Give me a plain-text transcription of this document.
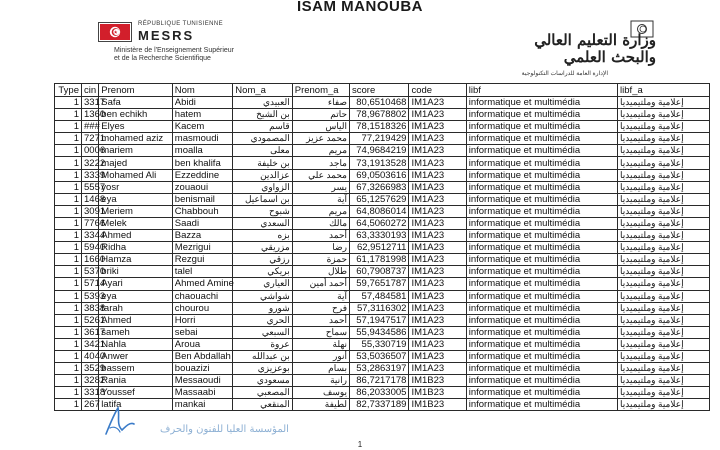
ISAM MANOUBA
RÉPUBLIQUE TUNISIENNE
MESRS
Ministère de l'Enseignement Supérieur
et de la Recherche Scientifique
وزارة التعليم العالي
والبحث العلمي
الإدارة العامة للدراسات التكنولوجية
Type	cin	Prenom	Nom	Nom_a	Prenom_a	score	code	libf	libf_a
1	3317	Safa	Abidi	العبيدي	صفاء	80,6510468	IM1A23	informatique et multimédia	إعلامية وملتيميديا
1	1360	ben echikh	hatem	بن الشيخ	حاتم	78,9678802	IM1A23	informatique et multimédia	إعلامية وملتيميديا
1	###	Elyes	Kacem	قاسم	الياس	78,1518326	IM1A23	informatique et multimédia	إعلامية وملتيميديا
1	7271	mohamed aziz	masmoudi	المصمودي	محمد عزيز	77,219429	IM1A23	informatique et multimédia	إعلامية وملتيميديا
1	0006	mariem	moalla	معلى	مريم	74,9684219	IM1A23	informatique et multimédia	إعلامية وملتيميديا
1	3222	majed	ben khalifa	بن خليفة	ماجد	73,1913528	IM1A23	informatique et multimédia	إعلامية وملتيميديا
1	3339	Mohamed Ali	Ezzeddine	عزالدين	محمد علي	69,0503616	IM1A23	informatique et multimédia	إعلامية وملتيميديا
1	5557	yosr	zouaoui	الزواوي	يسر	67,3266983	IM1A23	informatique et multimédia	إعلامية وملتيميديا
1	1468	eya	benismail	بن اسماعيل	آية	65,1257629	IM1A23	informatique et multimédia	إعلامية وملتيميديا
1	3091	Meriem	Chabbouh	شبوح	مريم	64,8086014	IM1A23	informatique et multimédia	إعلامية وملتيميديا
1	7766	Melek	Saadi	السعدي	مالك	64,5060272	IM1A23	informatique et multimédia	إعلامية وملتيميديا
1	3344	Ahmed	Bazza	بزه	أحمد	63,3330193	IM1A23	informatique et multimédia	إعلامية وملتيميديا
1	5940	Ridha	Mezrigui	مزريقي	رضا	62,9512711	IM1A23	informatique et multimédia	إعلامية وملتيميديا
1	1660	Hamza	Rezgui	رزقي	حمزة	61,1781998	IM1A23	informatique et multimédia	إعلامية وملتيميديا
1	5370	briki	talel	بريكي	طلال	60,7908737	IM1A23	informatique et multimédia	إعلامية وملتيميديا
1	5714	Ayari	Ahmed Amine	العياري	أحمد أمين	59,7651787	IM1A23	informatique et multimédia	إعلامية وملتيميديا
1	5393	eya	chaouachi	شواشي	آية	57,484581	IM1A23	informatique et multimédia	إعلامية وملتيميديا
1	3838	farah	chourou	شورو	فرح	57,3116302	IM1A23	informatique et multimédia	إعلامية وملتيميديا
1	5261	Ahmed	Horri	الحري	أحمد	57,1947517	IM1A23	informatique et multimédia	إعلامية وملتيميديا
1	3617	sameh	sebai	السبعي	سماح	55,9434586	IM1A23	informatique et multimédia	إعلامية وملتيميديا
1	3421	Nahla	Aroua	عروة	نهلة	55,330719	IM1A23	informatique et multimédia	إعلامية وملتيميديا
1	4040	Anwer	Ben Abdallah	بن عبدالله	أنور	53,5036507	IM1A23	informatique et multimédia	إعلامية وملتيميديا
1	3529	bassem	bouazizi	بوعزيزي	بسام	53,2863197	IM1A23	informatique et multimédia	إعلامية وملتيميديا
1	3282	Rania	Messaoudi	مسعودي	رانية	86,7217178	IM1B23	informatique et multimédia	إعلامية وملتيميديا
1	3318	Youssef	Massaabi	المصعبي	يوسف	86,2033005	IM1B23	informatique et multimédia	إعلامية وملتيميديا
1	267	latifa	mankai	المنقعي	لطيفة	82,7337189	IM1B23	informatique et multimédia	إعلامية وملتيميديا
المؤسسة العليا للفنون والحرف
1
